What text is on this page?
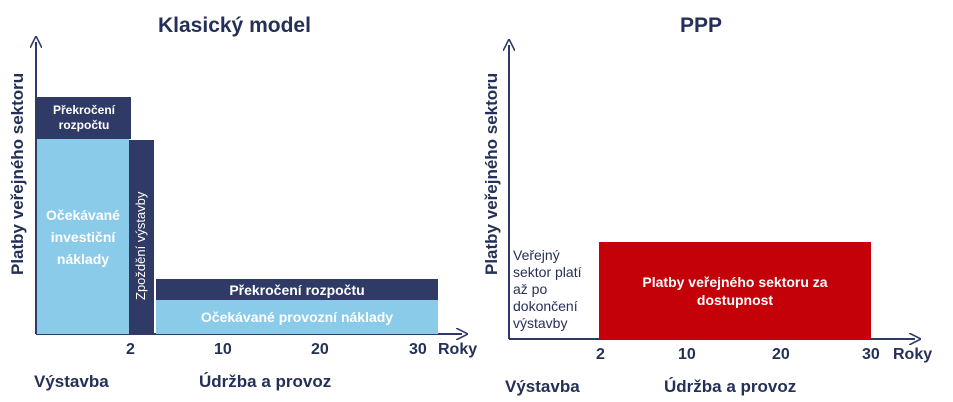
Klasický model
Platby veřejného sektoru	Překročení rozpočtu
Očekávané investiční náklady	Zpoždění výstavby	Překročení rozpočtu
Očekávané provozní náklady
2	10	20	30 Roky
Výstavba	Údržba a provoz
PPP
Platby veřejného sektoru Veřejný sektor platí až po dokončení výstavby
Platby veřejného sektoru za dostupnost
2	10	20	30 Roky
Výstavba	Údržba a provoz
